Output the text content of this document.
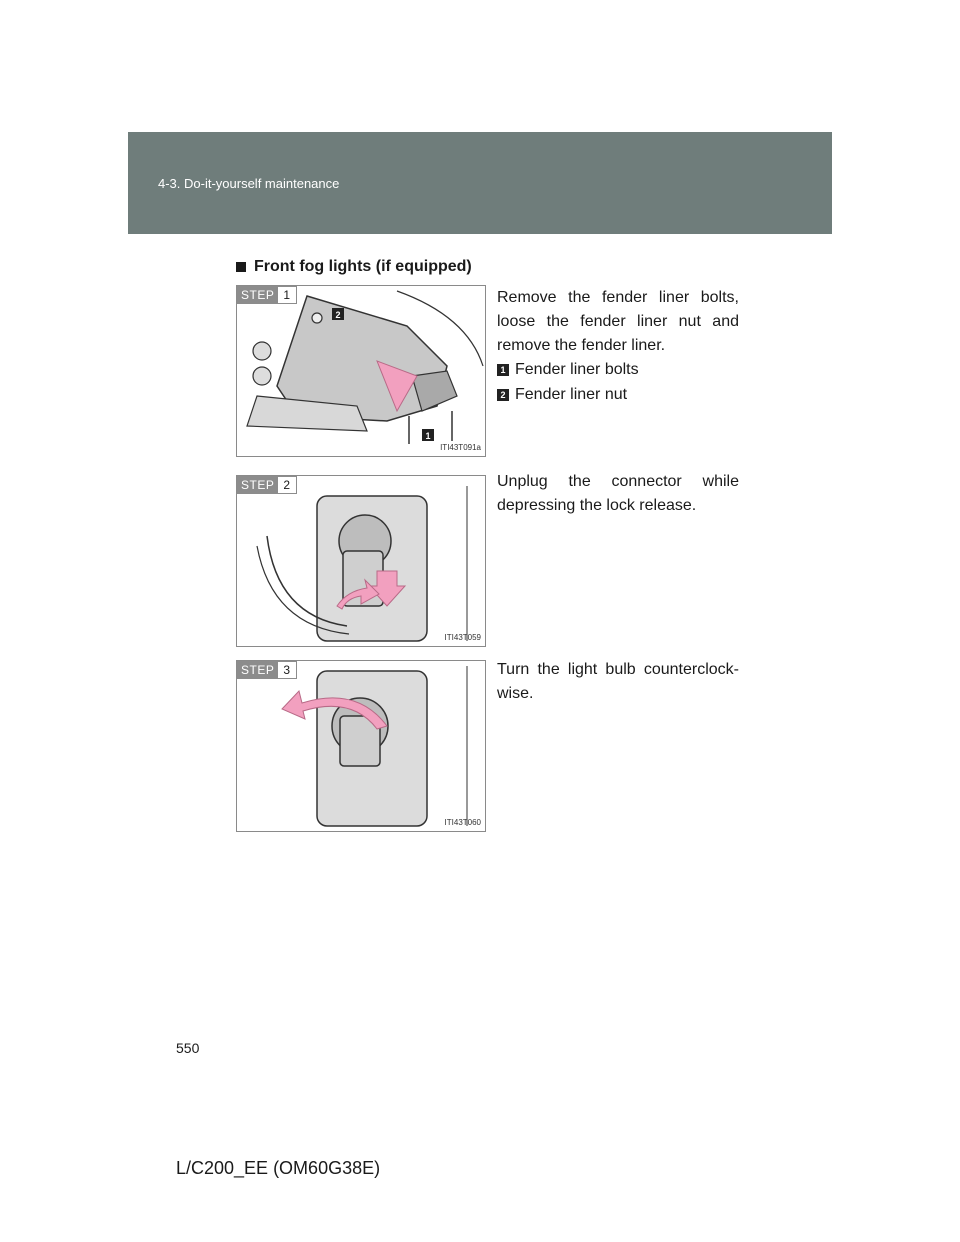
4-3. Do-it-yourself maintenance
Front fog lights (if equipped)
STEP 1
2
1
ITI43T091a
Remove the fender liner bolts, loose the fender liner nut and remove the fender liner.
1 Fender liner bolts
2 Fender liner nut
STEP 2
ITI43T059
Unplug the connector while depressing the lock release.
STEP 3
ITI43T060
Turn the light bulb counterclock-wise.
550
L/C200_EE (OM60G38E)
